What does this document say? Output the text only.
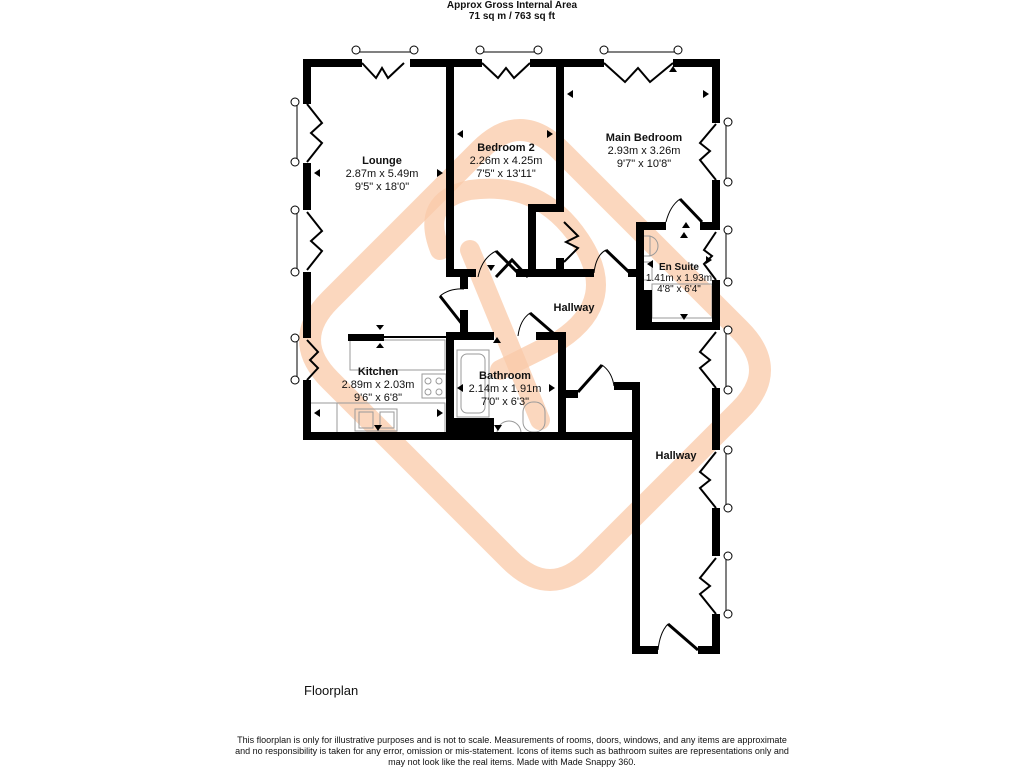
Approx Gross Internal Area
71 sq m / 763 sq ft
Lounge
2.87m x 5.49m
9'5" x 18'0"
Bedroom 2
2.26m x 4.25m
7'5" x 13'11"
Main Bedroom
2.93m x 3.26m
9'7" x 10'8"
En Suite
1.41m x 1.93m
4'8" x 6'4"
Hallway
Kitchen
2.89m x 2.03m
9'6" x 6'8"
Bathroom
2.14m x 1.91m
7'0" x 6'3"
Hallway
Floorplan
This floorplan is only for illustrative purposes and is not to scale. Measurements of rooms, doors, windows, and any items are approximate
and no responsibility is taken for any error, omission or mis-statement. Icons of items such as bathroom suites are representations only and
may not look like the real items. Made with Made Snappy 360.
